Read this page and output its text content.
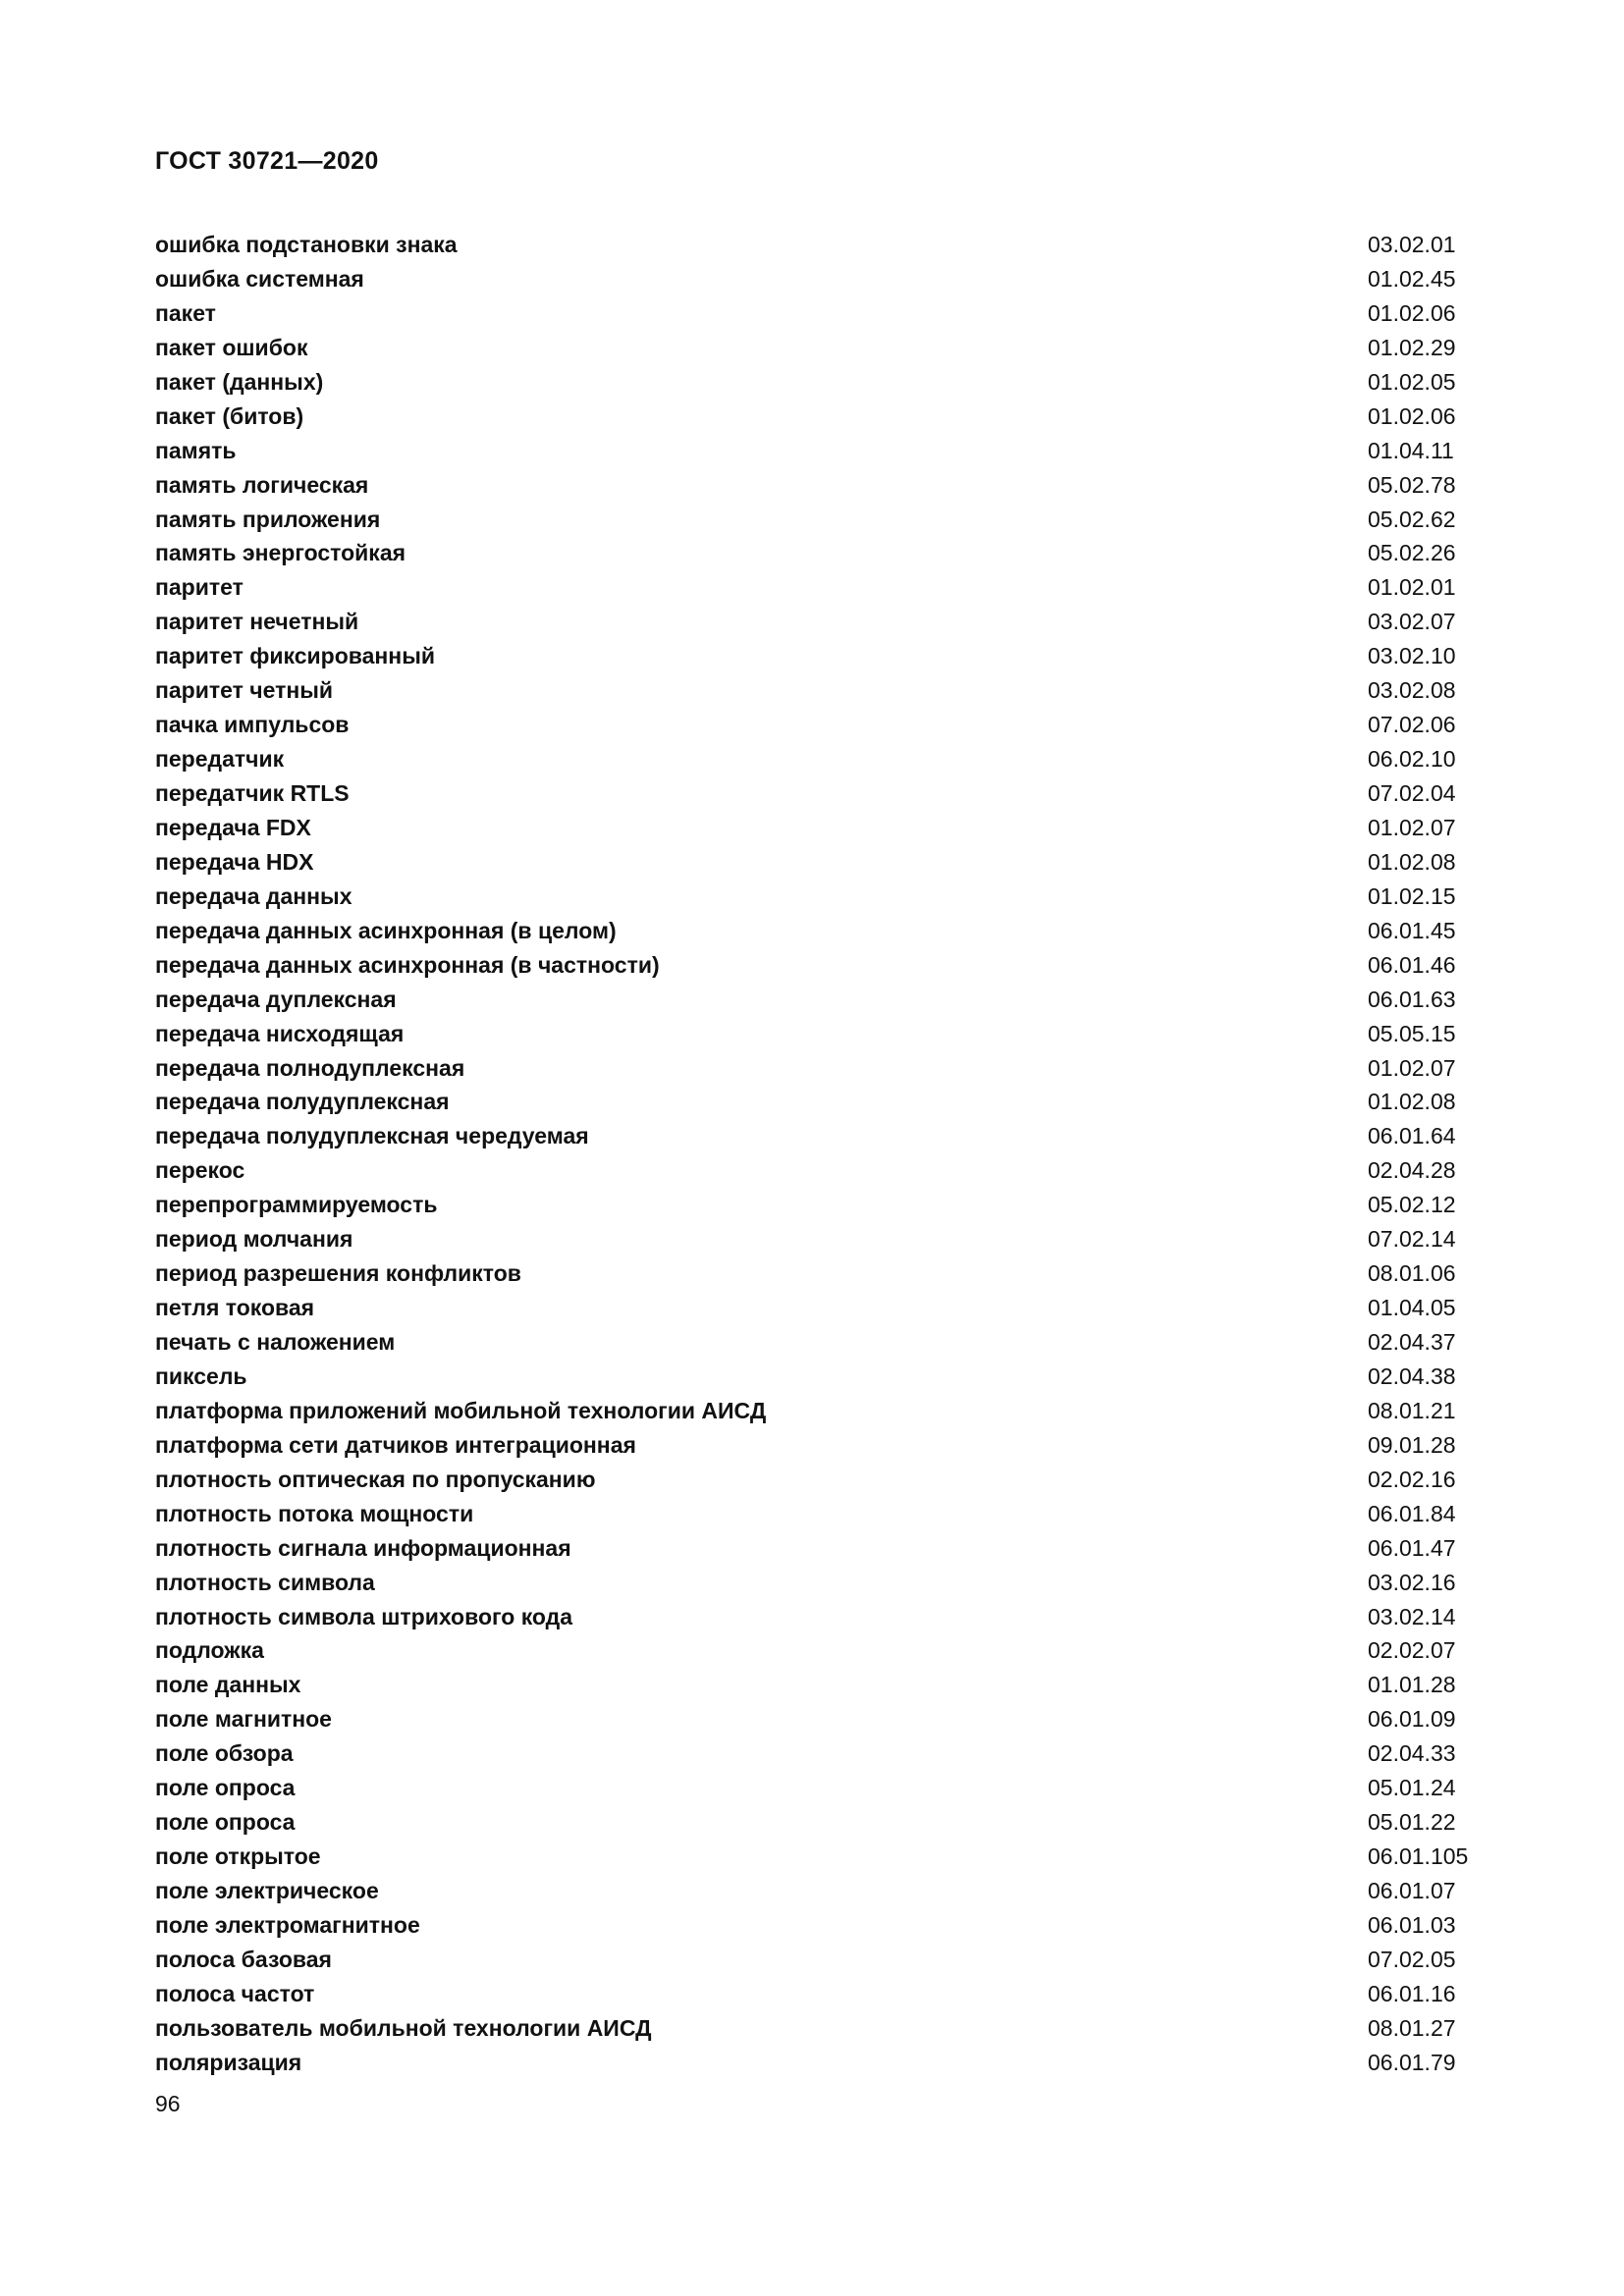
ГОСТ 30721—2020
ошибка подстановки знака	03.02.01
ошибка системная	01.02.45
пакет	01.02.06
пакет ошибок	01.02.29
пакет (данных)	01.02.05
пакет (битов)	01.02.06
память	01.04.11
память логическая	05.02.78
память приложения	05.02.62
память энергостойкая	05.02.26
паритет	01.02.01
паритет нечетный	03.02.07
паритет фиксированный	03.02.10
паритет четный	03.02.08
пачка импульсов	07.02.06
передатчик	06.02.10
передатчик RTLS	07.02.04
передача FDX	01.02.07
передача HDX	01.02.08
передача данных	01.02.15
передача данных асинхронная (в целом)	06.01.45
передача данных асинхронная (в частности)	06.01.46
передача дуплексная	06.01.63
передача нисходящая	05.05.15
передача полнодуплексная	01.02.07
передача полудуплексная	01.02.08
передача полудуплексная чередуемая	06.01.64
перекос	02.04.28
перепрограммируемость	05.02.12
период молчания	07.02.14
период разрешения конфликтов	08.01.06
петля токовая	01.04.05
печать с наложением	02.04.37
пиксель	02.04.38
платформа приложений мобильной технологии АИСД	08.01.21
платформа сети датчиков интеграционная	09.01.28
плотность оптическая по пропусканию	02.02.16
плотность потока мощности	06.01.84
плотность сигнала информационная	06.01.47
плотность символа	03.02.16
плотность символа штрихового кода	03.02.14
подложка	02.02.07
поле данных	01.01.28
поле магнитное	06.01.09
поле обзора	02.04.33
поле опроса	05.01.24
поле опроса	05.01.22
поле открытое	06.01.105
поле электрическое	06.01.07
поле электромагнитное	06.01.03
полоса базовая	07.02.05
полоса частот	06.01.16
пользователь мобильной технологии АИСД	08.01.27
поляризация	06.01.79
96
